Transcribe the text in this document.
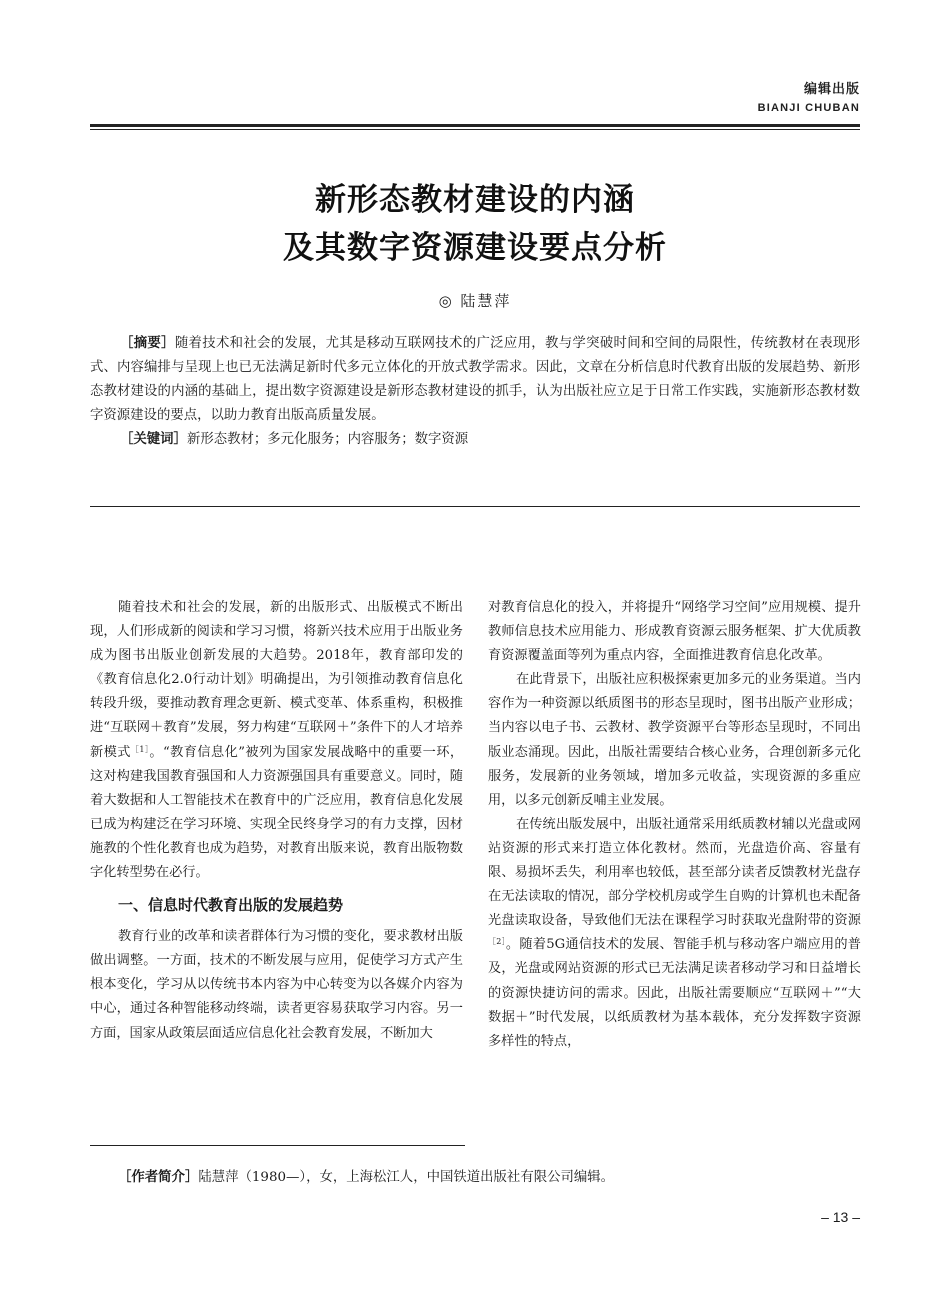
编辑出版
BIANJI CHUBAN
新形态教材建设的内涵
及其数字资源建设要点分析
◎ 陆慧萍

［摘要］随着技术和社会的发展，尤其是移动互联网技术的广泛应用，教与学突破时间和空间的局限性，传统教材在表现形式、内容编排与呈现上也已无法满足新时代多元立体化的开放式教学需求。因此，文章在分析信息时代教育出版的发展趋势、新形态教材建设的内涵的基础上，提出数字资源建设是新形态教材建设的抓手，认为出版社应立足于日常工作实践，实施新形态教材数字资源建设的要点，以助力教育出版高质量发展。

［关键词］新形态教材；多元化服务；内容服务；数字资源

随着技术和社会的发展，新的出版形式、出版模式不断出现，人们形成新的阅读和学习习惯，将新兴技术应用于出版业务成为图书出版业创新发展的大趋势。2018年，教育部印发的《教育信息化2.0行动计划》明确提出，为引领推动教育信息化转段升级，要推动教育理念更新、模式变革、体系重构，积极推进“互联网＋教育”发展，努力构建“互联网＋”条件下的人才培养新模式$^{[1]}$。“教育信息化”被列为国家发展战略中的重要一环，这对构建我国教育强国和人力资源强国具有重要意义。同时，随着大数据和人工智能技术在教育中的广泛应用，教育信息化发展已成为构建泛在学习环境、实现全民终身学习的有力支撑，因材施教的个性化教育也成为趋势，对教育出版来说，教育出版物数字化转型势在必行。

一、信息时代教育出版的发展趋势

教育行业的改革和读者群体行为习惯的变化，要求教材出版做出调整。一方面，技术的不断发展与应用，促使学习方式产生根本变化，学习从以传统书本内容为中心转变为以各媒介内容为中心，通过各种智能移动终端，读者更容易获取学习内容。另一方面，国家从政策层面适应信息化社会教育发展，不断加大

对教育信息化的投入，并将提升“网络学习空间”应用规模、提升教师信息技术应用能力、形成教育资源云服务框架、扩大优质教育资源覆盖面等列为重点内容，全面推进教育信息化改革。

在此背景下，出版社应积极探索更加多元的业务渠道。当内容作为一种资源以纸质图书的形态呈现时，图书出版产业形成；当内容以电子书、云教材、教学资源平台等形态呈现时，不同出版业态涌现。因此，出版社需要结合核心业务，合理创新多元化服务，发展新的业务领域，增加多元收益，实现资源的多重应用，以多元创新反哺主业发展。

在传统出版发展中，出版社通常采用纸质教材辅以光盘或网站资源的形式来打造立体化教材。然而，光盘造价高、容量有限、易损坏丢失，利用率也较低，甚至部分读者反馈教材光盘存在无法读取的情况，部分学校机房或学生自购的计算机也未配备光盘读取设备，导致他们无法在课程学习时获取光盘附带的资源$^{[2]}$。随着5G通信技术的发展、智能手机与移动客户端应用的普及，光盘或网站资源的形式已无法满足读者移动学习和日益增长的资源快捷访问的需求。因此，出版社需要顺应“互联网＋”“大数据＋”时代发展，以纸质教材为基本载体，充分发挥数字资源多样性的特点，

［作者简介］陆慧萍（1980—），女，上海松江人，中国铁道出版社有限公司编辑。
– 13 –
